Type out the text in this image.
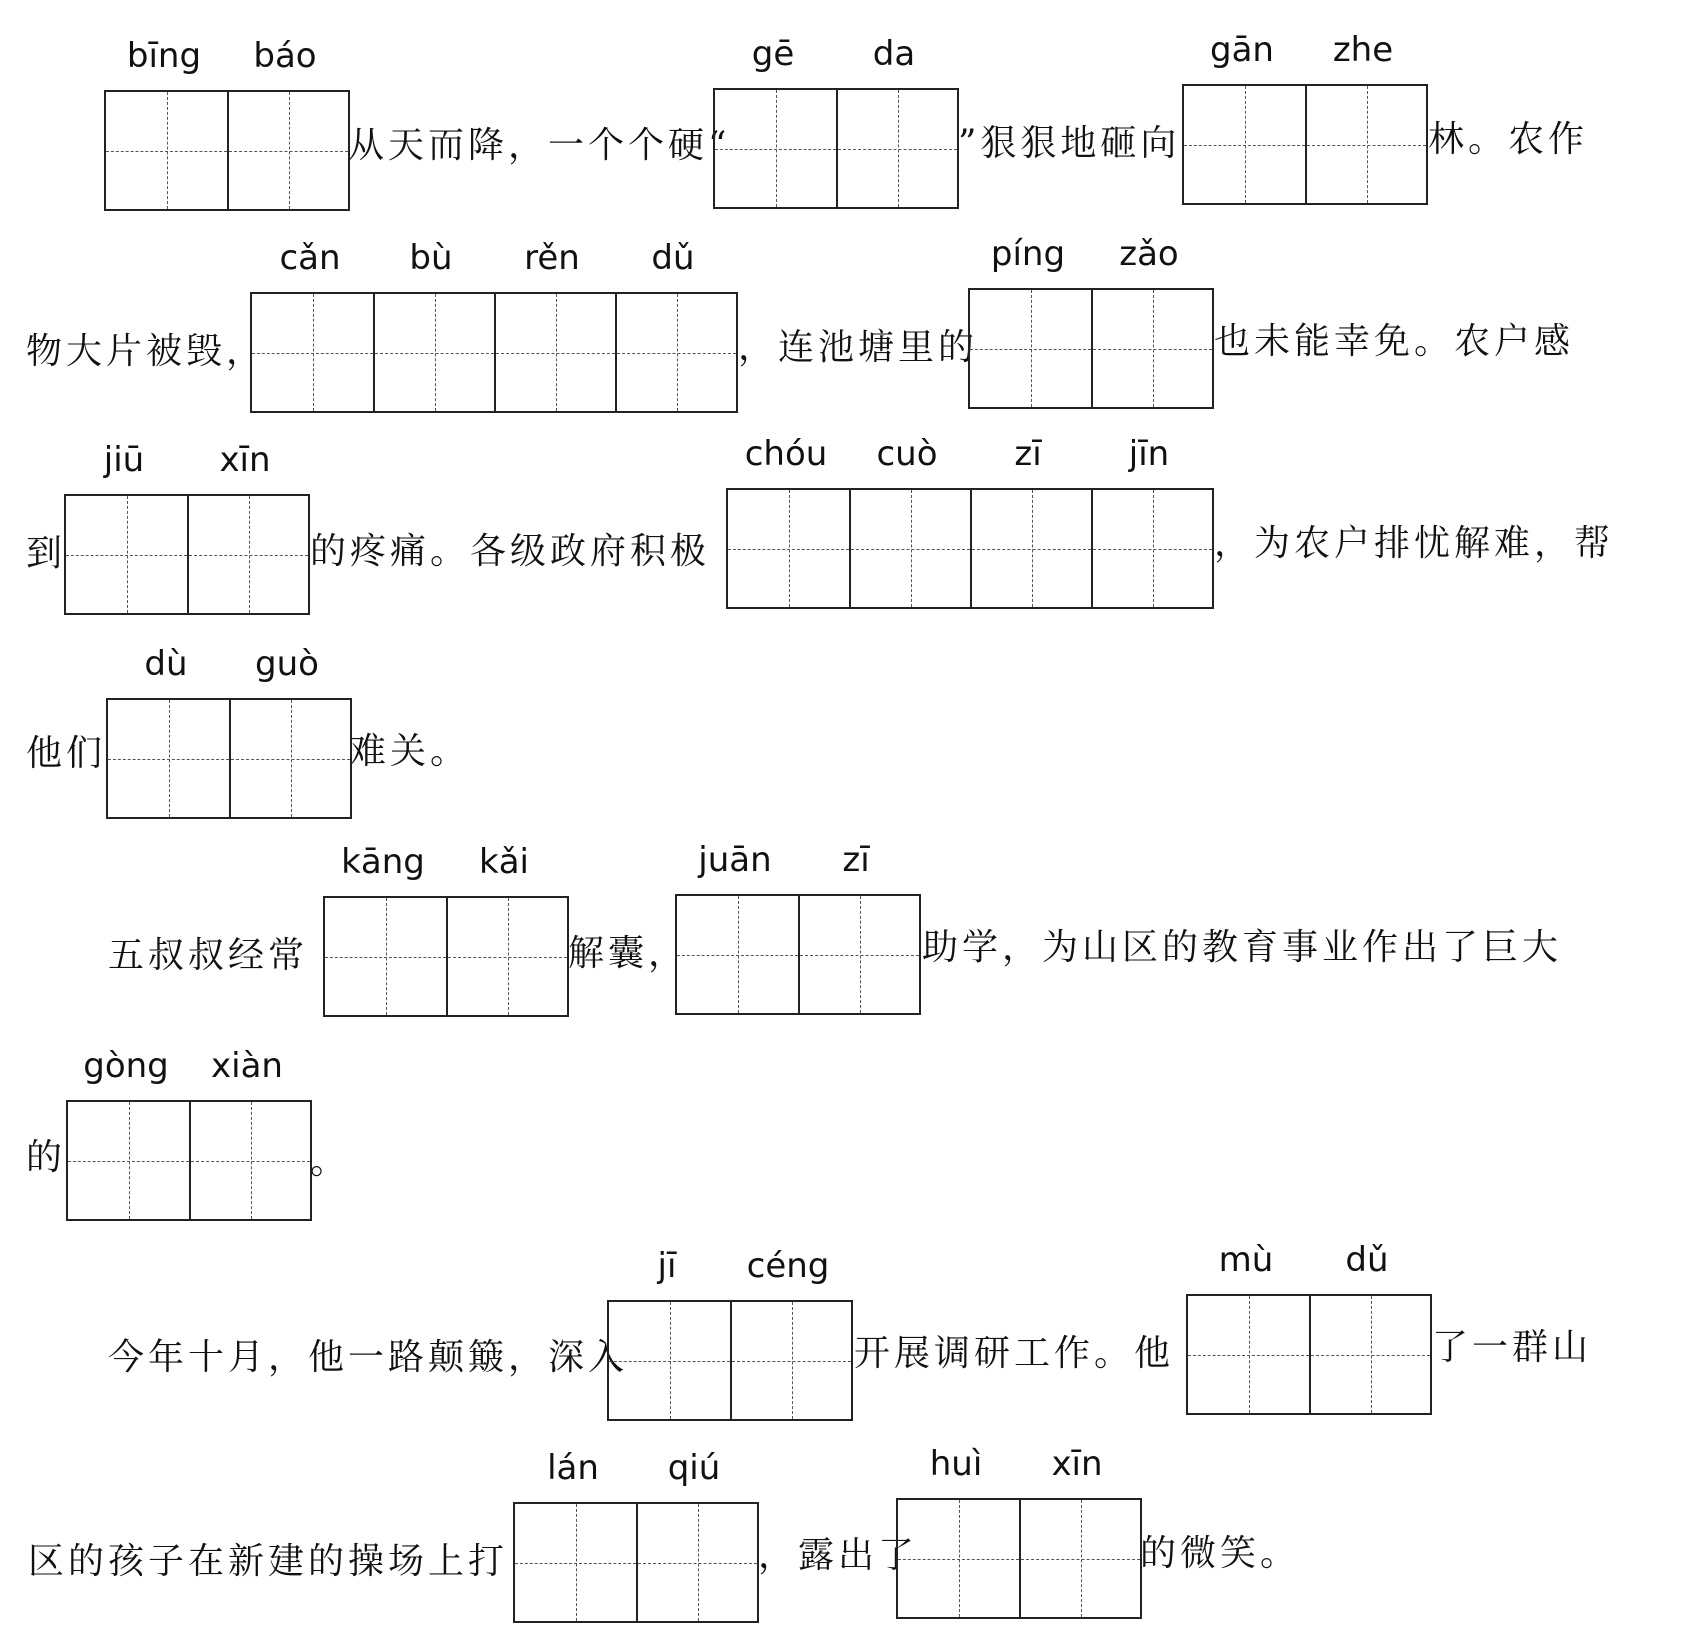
bīng	báo
从天而降，一个个硬“
gē	da
”狠狠地砸向
gān	zhe
林。农作
物大片被毁，
cǎn	bù	rěn	dǔ
，连池塘里的
píng	zǎo
也未能幸免。农户感
到
jiū	xīn
的疼痛。各级政府积极
chóu	cuò	zī	jīn
，为农户排忧解难，帮
他们
dù	guò
难关。
五叔叔经常
kāng	kǎi
解囊，
juān	zī
助学，为山区的教育事业作出了巨大
的
gòng	xiàn
。
今年十月，他一路颠簸，深入
jī	céng
开展调研工作。他
mù	dǔ
了一群山
区的孩子在新建的操场上打
lán	qiú
，露出了
huì	xīn
的微笑。
